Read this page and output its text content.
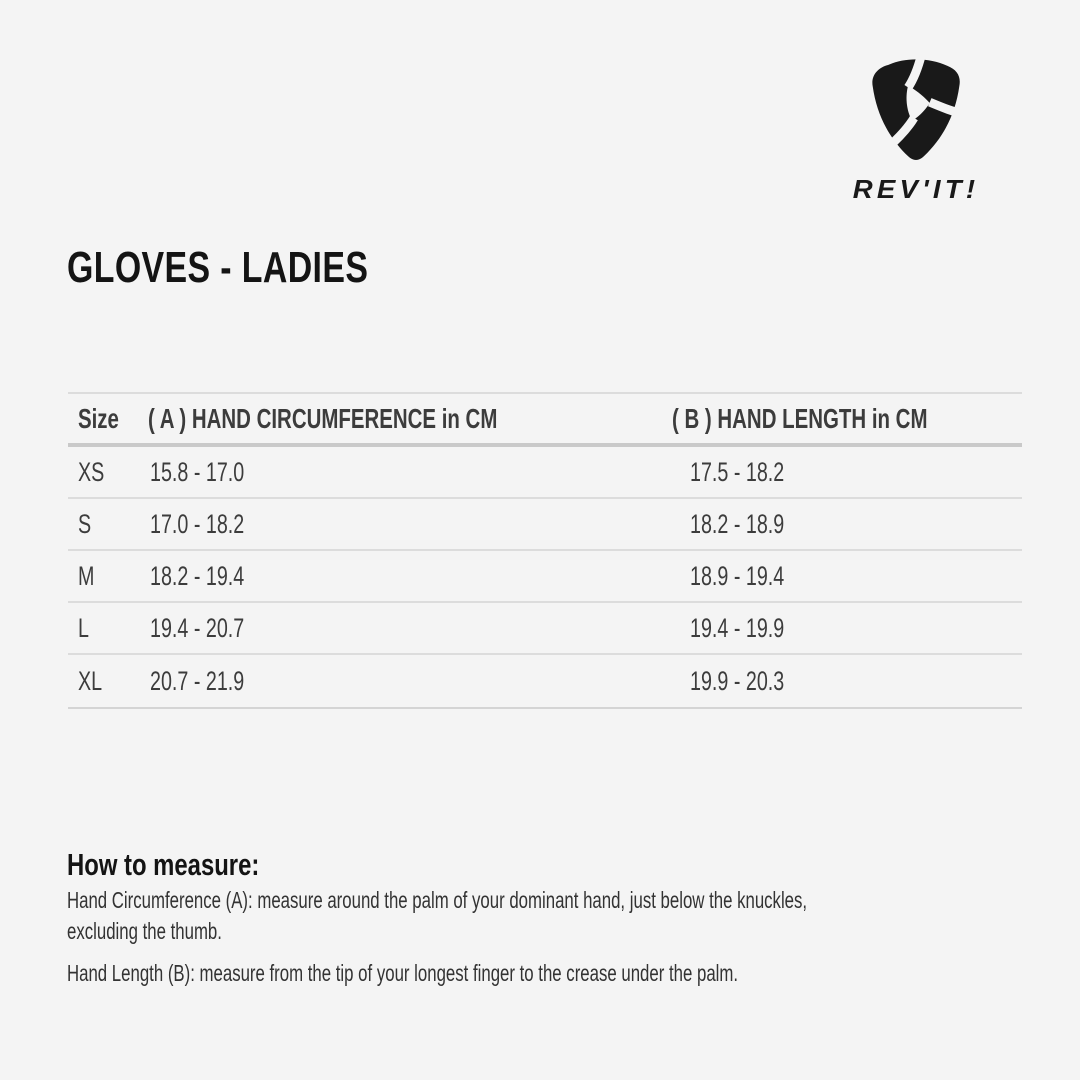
REV'IT!
GLOVES - LADIES
Size	( A ) HAND CIRCUMFERENCE in CM	( B ) HAND LENGTH in CM
XS	15.8 - 17.0	17.5 - 18.2
S	17.0 - 18.2	18.2 - 18.9
M	18.2 - 19.4	18.9 - 19.4
L	19.4 - 20.7	19.4 - 19.9
XL	20.7 - 21.9	19.9 - 20.3
How to measure:

Hand Circumference (A): measure around the palm of your dominant hand, just below the knuckles, excluding the thumb.

Hand Length (B): measure from the tip of your longest finger to the crease under the palm.
